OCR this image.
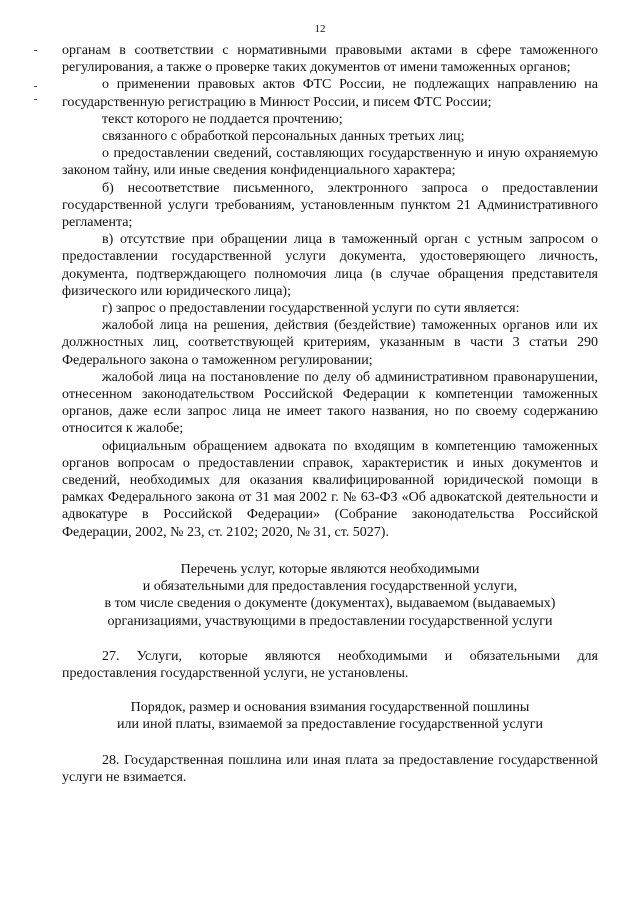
12

органам в соответствии с нормативными правовыми актами в сфере таможенного регулирования, а также о проверке таких документов от имени таможенных органов;

о применении правовых актов ФТС России, не подлежащих направлению на государственную регистрацию в Минюст России, и писем ФТС России;

текст которого не поддается прочтению;

связанного с обработкой персональных данных третьих лиц;

о предоставлении сведений, составляющих государственную и иную охраняемую законом тайну, или иные сведения конфиденциального характера;

б) несоответствие письменного, электронного запроса о предоставлении государственной услуги требованиям, установленным пунктом 21 Административного регламента;

в) отсутствие при обращении лица в таможенный орган с устным запросом о предоставлении государственной услуги документа, удостоверяющего личность, документа, подтверждающего полномочия лица (в случае обращения представителя физического или юридического лица);

г) запрос о предоставлении государственной услуги по сути является:

жалобой лица на решения, действия (бездействие) таможенных органов или их должностных лиц, соответствующей критериям, указанным в части 3 статьи 290 Федерального закона о таможенном регулировании;

жалобой лица на постановление по делу об административном правонарушении, отнесенном законодательством Российской Федерации к компетенции таможенных органов, даже если запрос лица не имеет такого названия, но по своему содержанию относится к жалобе;

официальным обращением адвоката по входящим в компетенцию таможенных органов вопросам о предоставлении справок, характеристик и иных документов и сведений, необходимых для оказания квалифицированной юридической помощи в рамках Федерального закона от 31 мая 2002 г. № 63-ФЗ «Об адвокатской деятельности и адвокатуре в Российской Федерации» (Собрание законодательства Российской Федерации, 2002, № 23, ст. 2102; 2020, № 31, ст. 5027).

Перечень услуг, которые являются необходимыми

и обязательными для предоставления государственной услуги,

в том числе сведения о документе (документах), выдаваемом (выдаваемых)

организациями, участвующими в предоставлении государственной услуги

27. Услуги, которые являются необходимыми и обязательными для предоставления государственной услуги, не установлены.

Порядок, размер и основания взимания государственной пошлины

или иной платы, взимаемой за предоставление государственной услуги

28. Государственная пошлина или иная плата за предоставление государственной услуги не взимается.
